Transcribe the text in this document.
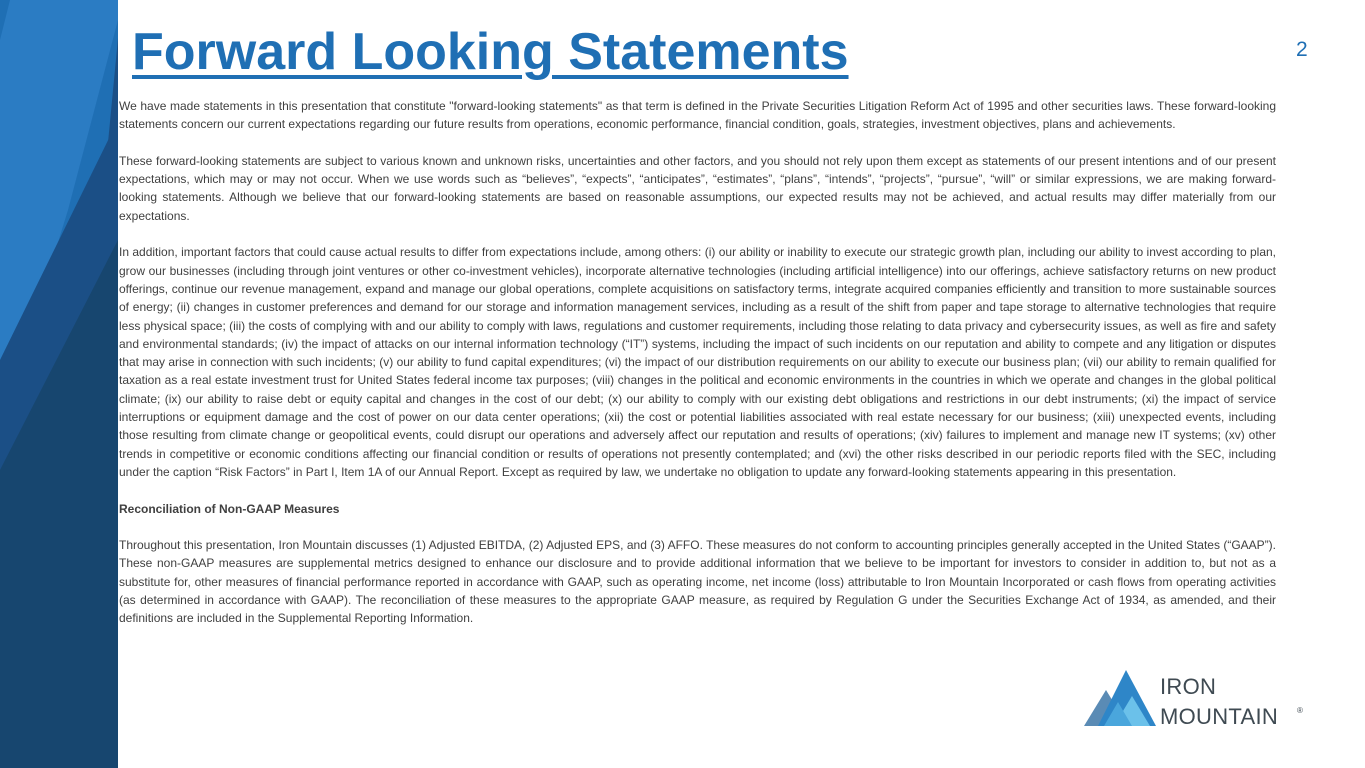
Forward Looking Statements	2

We have made statements in this presentation that constitute "forward-looking statements" as that term is defined in the Private Securities Litigation Reform Act of 1995 and other securities laws. These forward-looking statements concern our current expectations regarding our future results from operations, economic performance, financial condition, goals, strategies, investment objectives, plans and achievements.

These forward-looking statements are subject to various known and unknown risks, uncertainties and other factors, and you should not rely upon them except as statements of our present intentions and of our present expectations, which may or may not occur. When we use words such as “believes”, “expects”, “anticipates”, “estimates”, “plans”, “intends”, “projects”, “pursue”, “will” or similar expressions, we are making forward-looking statements. Although we believe that our forward-looking statements are based on reasonable assumptions, our expected results may not be achieved, and actual results may differ materially from our expectations.

In addition, important factors that could cause actual results to differ from expectations include, among others: (i) our ability or inability to execute our strategic growth plan, including our ability to invest according to plan, grow our businesses (including through joint ventures or other co-investment vehicles), incorporate alternative technologies (including artificial intelligence) into our offerings, achieve satisfactory returns on new product offerings, continue our revenue management, expand and manage our global operations, complete acquisitions on satisfactory terms, integrate acquired companies efficiently and transition to more sustainable sources of energy; (ii) changes in customer preferences and demand for our storage and information management services, including as a result of the shift from paper and tape storage to alternative technologies that require less physical space; (iii) the costs of complying with and our ability to comply with laws, regulations and customer requirements, including those relating to data privacy and cybersecurity issues, as well as fire and safety and environmental standards; (iv) the impact of attacks on our internal information technology (“IT”) systems, including the impact of such incidents on our reputation and ability to compete and any litigation or disputes that may arise in connection with such incidents; (v) our ability to fund capital expenditures; (vi) the impact of our distribution requirements on our ability to execute our business plan; (vii) our ability to remain qualified for taxation as a real estate investment trust for United States federal income tax purposes; (viii) changes in the political and economic environments in the countries in which we operate and changes in the global political climate; (ix) our ability to raise debt or equity capital and changes in the cost of our debt; (x) our ability to comply with our existing debt obligations and restrictions in our debt instruments; (xi) the impact of service interruptions or equipment damage and the cost of power on our data center operations; (xii) the cost or potential liabilities associated with real estate necessary for our business; (xiii) unexpected events, including those resulting from climate change or geopolitical events, could disrupt our operations and adversely affect our reputation and results of operations; (xiv) failures to implement and manage new IT systems; (xv) other trends in competitive or economic conditions affecting our financial condition or results of operations not presently contemplated; and (xvi) the other risks described in our periodic reports filed with the SEC, including under the caption “Risk Factors” in Part I, Item 1A of our Annual Report. Except as required by law, we undertake no obligation to update any forward-looking statements appearing in this presentation.

Reconciliation of Non-GAAP Measures

Throughout this presentation, Iron Mountain discusses (1) Adjusted EBITDA, (2) Adjusted EPS, and (3) AFFO. These measures do not conform to accounting principles generally accepted in the United States (“GAAP”). These non-GAAP measures are supplemental metrics designed to enhance our disclosure and to provide additional information that we believe to be important for investors to consider in addition to, but not as a substitute for, other measures of financial performance reported in accordance with GAAP, such as operating income, net income (loss) attributable to Iron Mountain Incorporated or cash flows from operating activities (as determined in accordance with GAAP). The reconciliation of these measures to the appropriate GAAP measure, as required by Regulation G under the Securities Exchange Act of 1934, as amended, and their definitions are included in the Supplemental Reporting Information.

IRON
MOUNTAIN ®
